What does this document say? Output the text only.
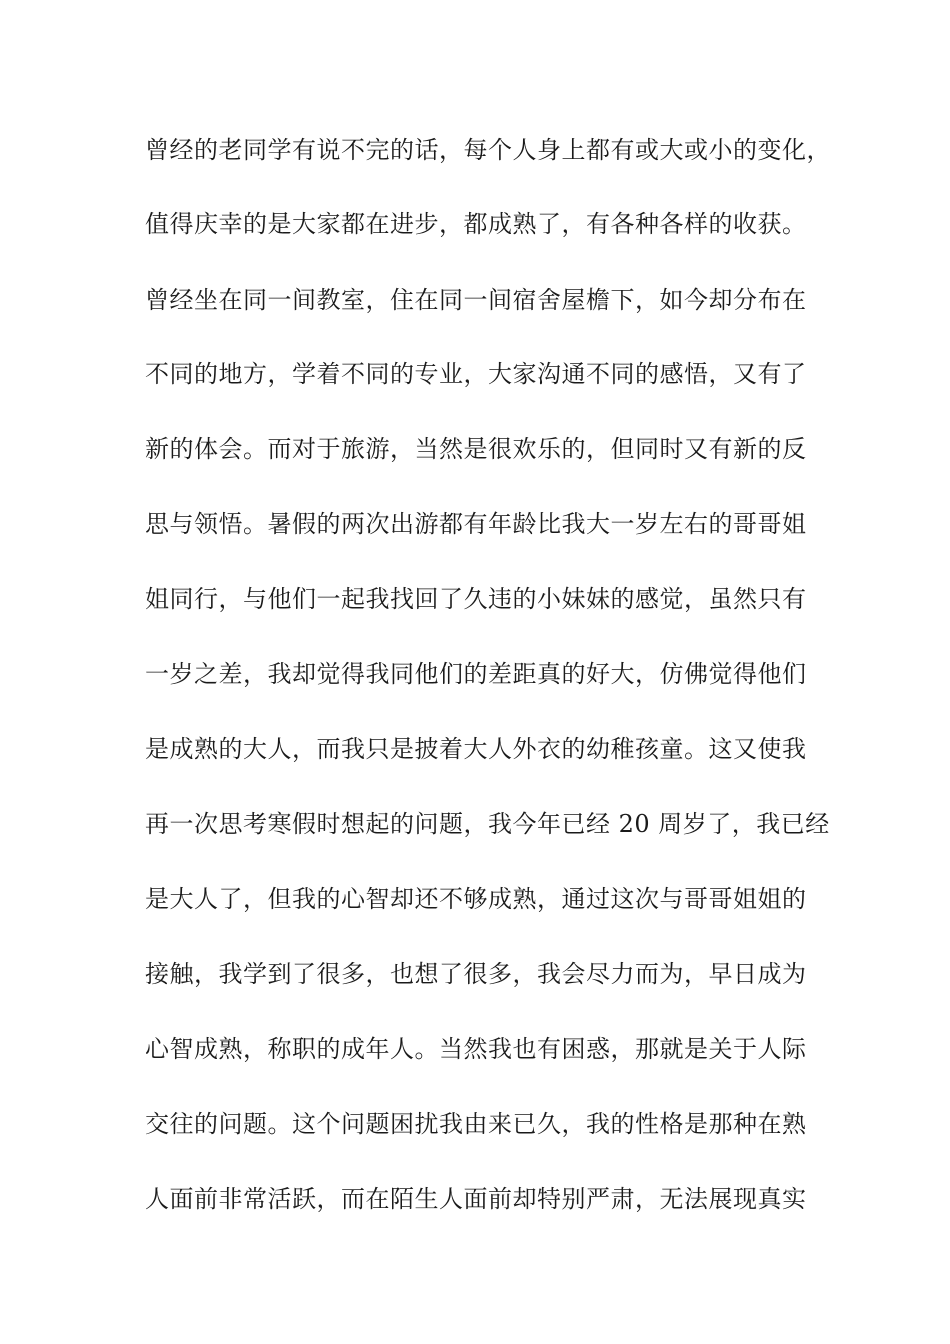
曾经的老同学有说不完的话，每个人身上都有或大或小的变化，
值得庆幸的是大家都在进步，都成熟了，有各种各样的收获。
曾经坐在同一间教室，住在同一间宿舍屋檐下，如今却分布在
不同的地方，学着不同的专业，大家沟通不同的感悟，又有了
新的体会。而对于旅游，当然是很欢乐的，但同时又有新的反
思与领悟。暑假的两次出游都有年龄比我大一岁左右的哥哥姐
姐同行，与他们一起我找回了久违的小妹妹的感觉，虽然只有
一岁之差，我却觉得我同他们的差距真的好大，仿佛觉得他们
是成熟的大人，而我只是披着大人外衣的幼稚孩童。这又使我
再一次思考寒假时想起的问题，我今年已经 20 周岁了，我已经
是大人了，但我的心智却还不够成熟，通过这次与哥哥姐姐的
接触，我学到了很多，也想了很多，我会尽力而为，早日成为
心智成熟，称职的成年人。当然我也有困惑，那就是关于人际
交往的问题。这个问题困扰我由来已久，我的性格是那种在熟
人面前非常活跃，而在陌生人面前却特别严肃，无法展现真实
